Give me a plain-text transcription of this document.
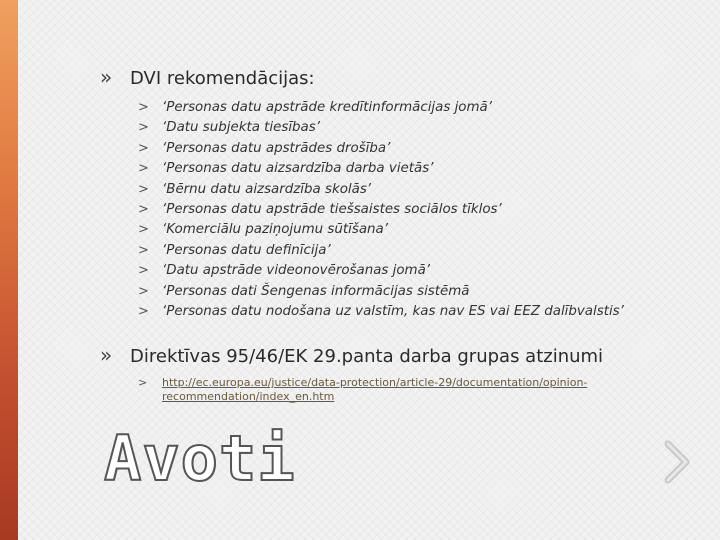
» DVI rekomendācijas:
> ‘Personas datu apstrāde kredītinformācijas jomā’
> ‘Datu subjekta tiesības’
> ‘Personas datu apstrādes drošība’
> ‘Personas datu aizsardzība darba vietās’
> ‘Bērnu datu aizsardzība skolās’
> ‘Personas datu apstrāde tiešsaistes sociālos tīklos’
> ‘Komerciālu paziņojumu sūtīšana’
> ‘Personas datu definīcija’
> ‘Datu apstrāde videonovērošanas jomā’
> ‘Personas dati Šengenas informācijas sistēmā
> ‘Personas datu nodošana uz valstīm, kas nav ES vai EEZ dalībvalstis’
» Direktīvas 95/46/EK 29.panta darba grupas atzinumi
>	http://ec.europa.eu/justice/data-protection/article-29/documentation/opinion-recommendation/index_en.htm
Avoti
